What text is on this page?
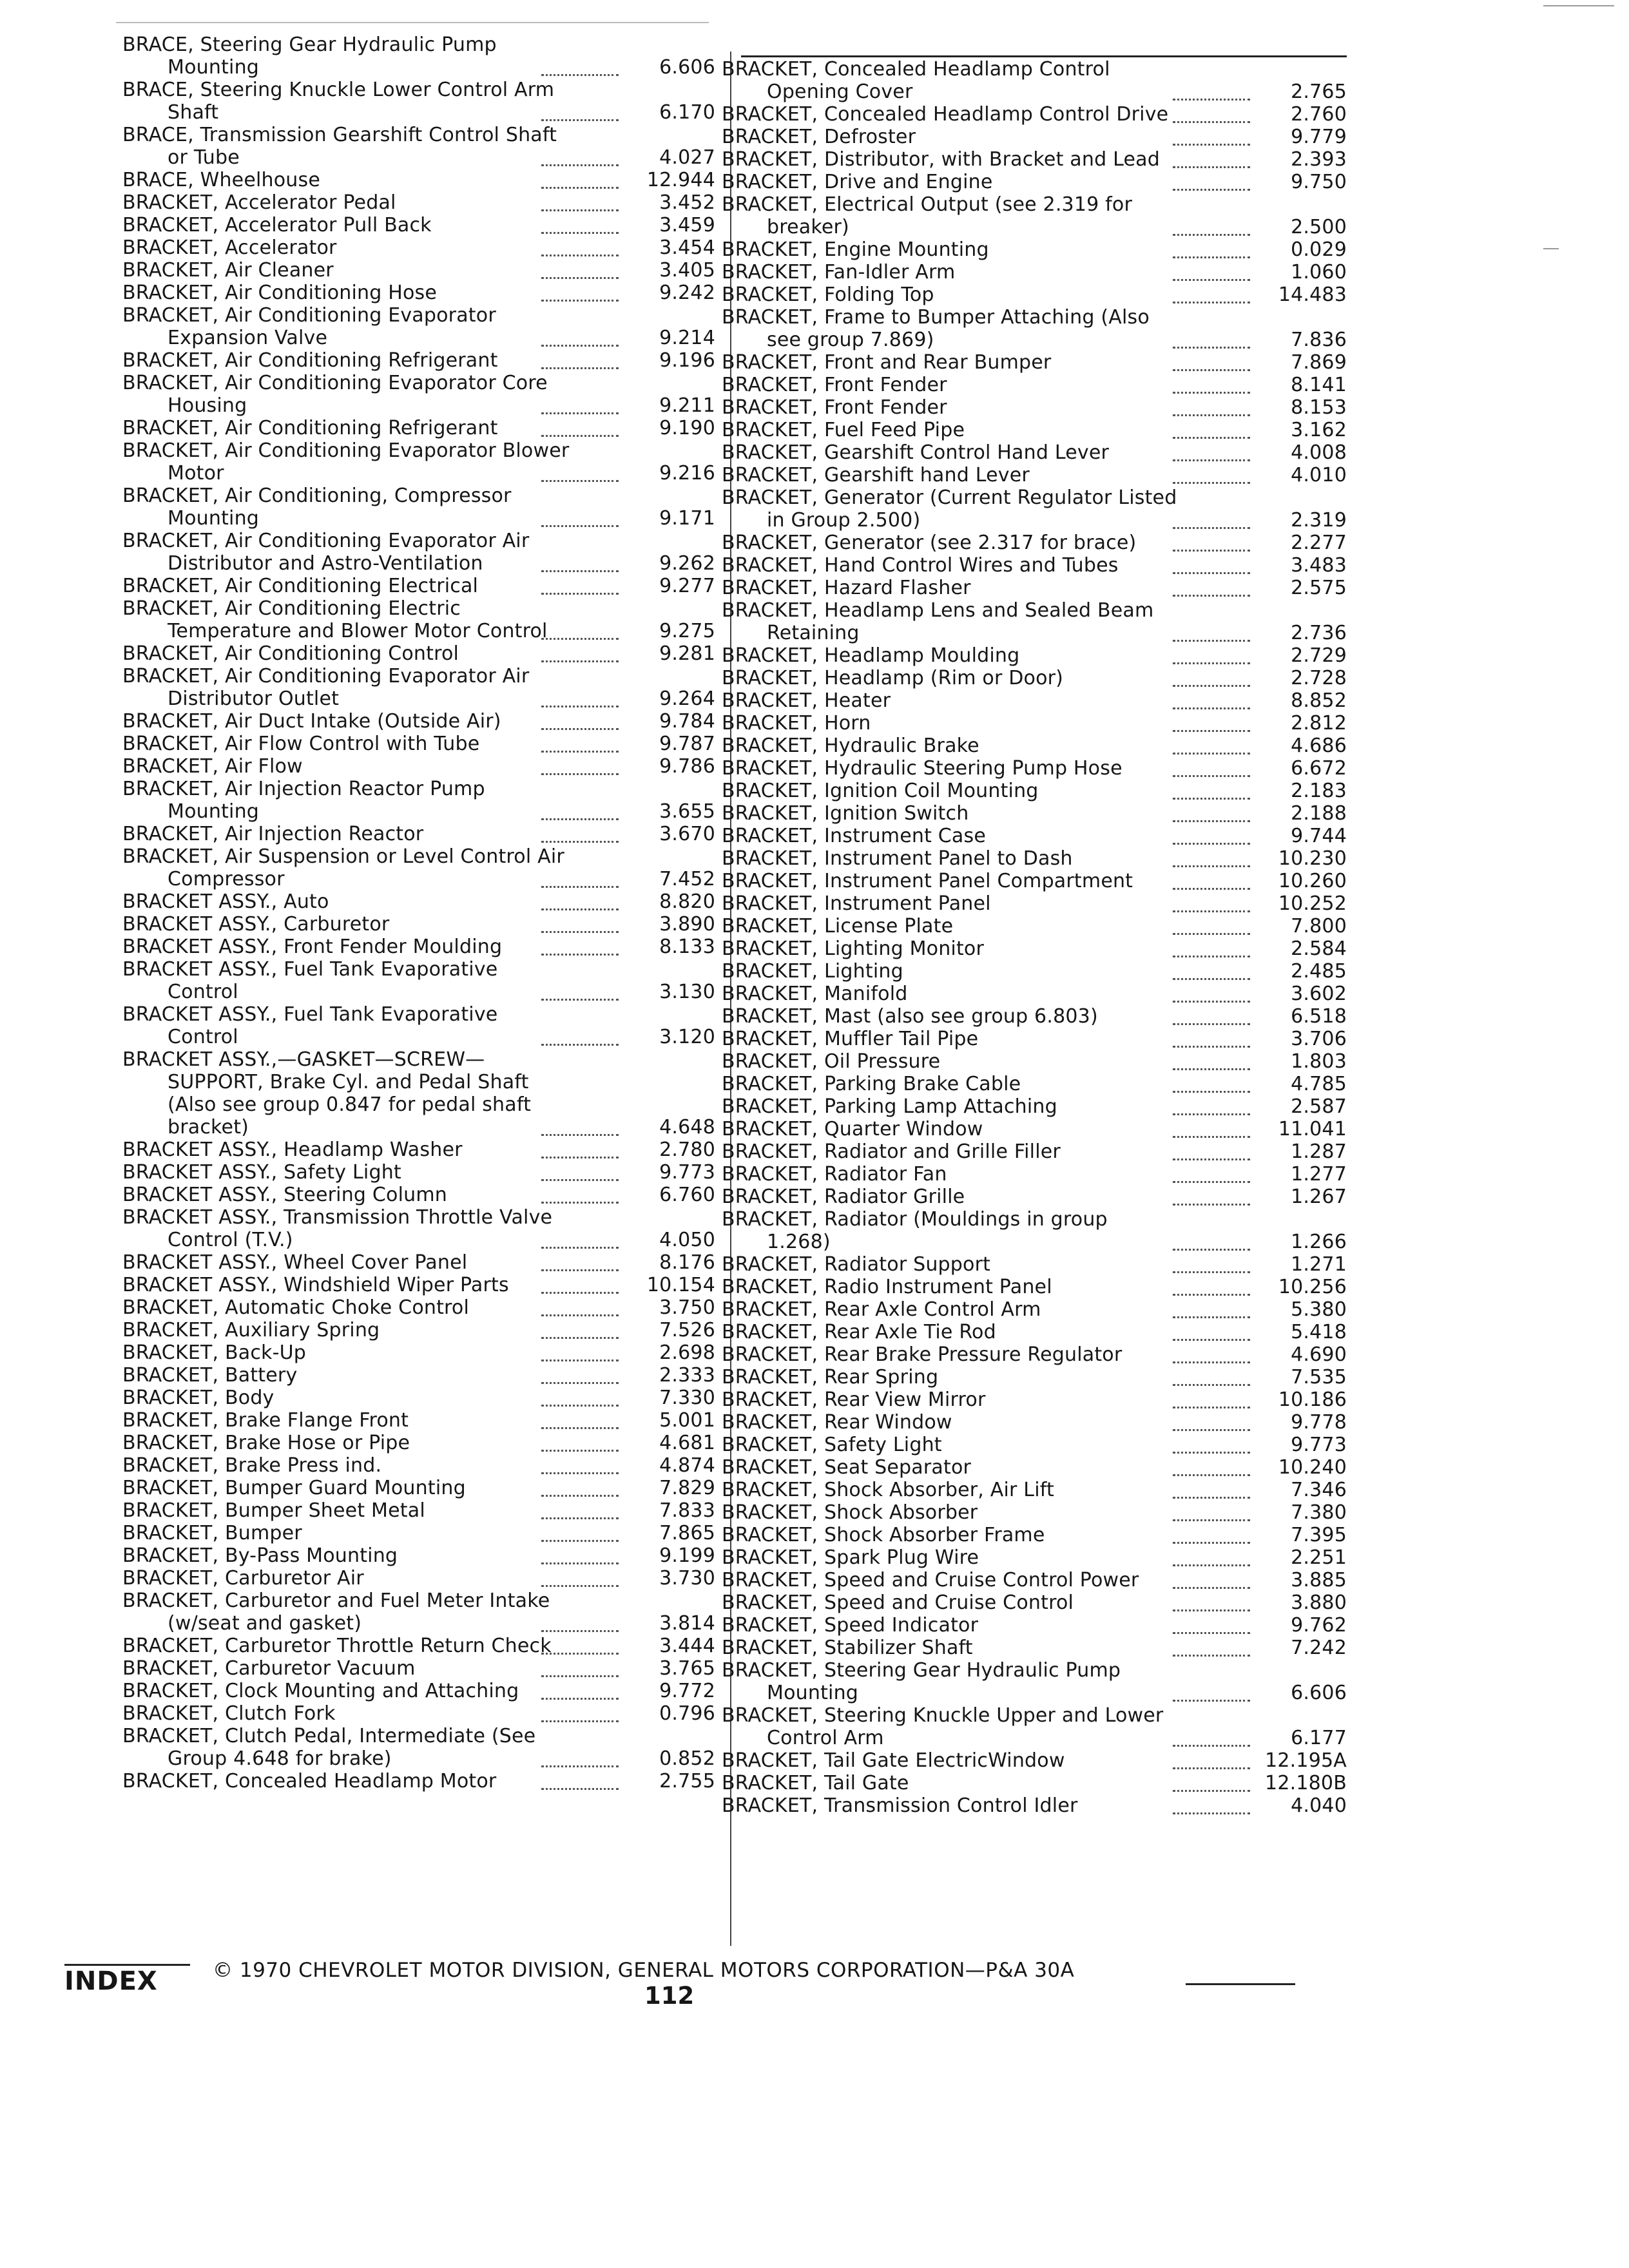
BRACE, Steering Gear Hydraulic Pump
Mounting	6.606
BRACE, Steering Knuckle Lower Control Arm
Shaft	6.170
BRACE, Transmission Gearshift Control Shaft
or Tube	4.027
BRACE, Wheelhouse	12.944
BRACKET, Accelerator Pedal	3.452
BRACKET, Accelerator Pull Back	3.459
BRACKET, Accelerator	3.454
BRACKET, Air Cleaner	3.405
BRACKET, Air Conditioning Hose	9.242
BRACKET, Air Conditioning Evaporator
Expansion Valve	9.214
BRACKET, Air Conditioning Refrigerant	9.196
BRACKET, Air Conditioning Evaporator Core
Housing	9.211
BRACKET, Air Conditioning Refrigerant	9.190
BRACKET, Air Conditioning Evaporator Blower
Motor	9.216
BRACKET, Air Conditioning, Compressor
Mounting	9.171
BRACKET, Air Conditioning Evaporator Air
Distributor and Astro-Ventilation	9.262
BRACKET, Air Conditioning Electrical	9.277
BRACKET, Air Conditioning Electric
Temperature and Blower Motor Control	9.275
BRACKET, Air Conditioning Control	9.281
BRACKET, Air Conditioning Evaporator Air
Distributor Outlet	9.264
BRACKET, Air Duct Intake (Outside Air)	9.784
BRACKET, Air Flow Control with Tube	9.787
BRACKET, Air Flow	9.786
BRACKET, Air Injection Reactor Pump
Mounting	3.655
BRACKET, Air Injection Reactor	3.670
BRACKET, Air Suspension or Level Control Air
Compressor	7.452
BRACKET ASSY., Auto	8.820
BRACKET ASSY., Carburetor	3.890
BRACKET ASSY., Front Fender Moulding	8.133
BRACKET ASSY., Fuel Tank Evaporative
Control	3.130
BRACKET ASSY., Fuel Tank Evaporative
Control	3.120
BRACKET ASSY.,—GASKET—SCREW—
SUPPORT, Brake Cyl. and Pedal Shaft
(Also see group 0.847 for pedal shaft
bracket)	4.648
BRACKET ASSY., Headlamp Washer	2.780
BRACKET ASSY., Safety Light	9.773
BRACKET ASSY., Steering Column	6.760
BRACKET ASSY., Transmission Throttle Valve
Control (T.V.)	4.050
BRACKET ASSY., Wheel Cover Panel	8.176
BRACKET ASSY., Windshield Wiper Parts	10.154
BRACKET, Automatic Choke Control	3.750
BRACKET, Auxiliary Spring	7.526
BRACKET, Back-Up	2.698
BRACKET, Battery	2.333
BRACKET, Body	7.330
BRACKET, Brake Flange Front	5.001
BRACKET, Brake Hose or Pipe	4.681
BRACKET, Brake Press ind.	4.874
BRACKET, Bumper Guard Mounting	7.829
BRACKET, Bumper Sheet Metal	7.833
BRACKET, Bumper	7.865
BRACKET, By-Pass Mounting	9.199
BRACKET, Carburetor Air	3.730
BRACKET, Carburetor and Fuel Meter Intake
(w/seat and gasket)	3.814
BRACKET, Carburetor Throttle Return Check	3.444
BRACKET, Carburetor Vacuum	3.765
BRACKET, Clock Mounting and Attaching	9.772
BRACKET, Clutch Fork	0.796
BRACKET, Clutch Pedal, Intermediate (See
Group 4.648 for brake)	0.852
BRACKET, Concealed Headlamp Motor	2.755
BRACKET, Concealed Headlamp Control
Opening Cover	2.765
BRACKET, Concealed Headlamp Control Drive	2.760
BRACKET, Defroster	9.779
BRACKET, Distributor, with Bracket and Lead	2.393
BRACKET, Drive and Engine	9.750
BRACKET, Electrical Output (see 2.319 for
breaker)	2.500
BRACKET, Engine Mounting	0.029
BRACKET, Fan-Idler Arm	1.060
BRACKET, Folding Top	14.483
BRACKET, Frame to Bumper Attaching (Also
see group 7.869)	7.836
BRACKET, Front and Rear Bumper	7.869
BRACKET, Front Fender	8.141
BRACKET, Front Fender	8.153
BRACKET, Fuel Feed Pipe	3.162
BRACKET, Gearshift Control Hand Lever	4.008
BRACKET, Gearshift hand Lever	4.010
BRACKET, Generator (Current Regulator Listed
in Group 2.500)	2.319
BRACKET, Generator (see 2.317 for brace)	2.277
BRACKET, Hand Control Wires and Tubes	3.483
BRACKET, Hazard Flasher	2.575
BRACKET, Headlamp Lens and Sealed Beam
Retaining	2.736
BRACKET, Headlamp Moulding	2.729
BRACKET, Headlamp (Rim or Door)	2.728
BRACKET, Heater	8.852
BRACKET, Horn	2.812
BRACKET, Hydraulic Brake	4.686
BRACKET, Hydraulic Steering Pump Hose	6.672
BRACKET, Ignition Coil Mounting	2.183
BRACKET, Ignition Switch	2.188
BRACKET, Instrument Case	9.744
BRACKET, Instrument Panel to Dash	10.230
BRACKET, Instrument Panel Compartment	10.260
BRACKET, Instrument Panel	10.252
BRACKET, License Plate	7.800
BRACKET, Lighting Monitor	2.584
BRACKET, Lighting	2.485
BRACKET, Manifold	3.602
BRACKET, Mast (also see group 6.803)	6.518
BRACKET, Muffler Tail Pipe	3.706
BRACKET, Oil Pressure	1.803
BRACKET, Parking Brake Cable	4.785
BRACKET, Parking Lamp Attaching	2.587
BRACKET, Quarter Window	11.041
BRACKET, Radiator and Grille Filler	1.287
BRACKET, Radiator Fan	1.277
BRACKET, Radiator Grille	1.267
BRACKET, Radiator (Mouldings in group
1.268)	1.266
BRACKET, Radiator Support	1.271
BRACKET, Radio Instrument Panel	10.256
BRACKET, Rear Axle Control Arm	5.380
BRACKET, Rear Axle Tie Rod	5.418
BRACKET, Rear Brake Pressure Regulator	4.690
BRACKET, Rear Spring	7.535
BRACKET, Rear View Mirror	10.186
BRACKET, Rear Window	9.778
BRACKET, Safety Light	9.773
BRACKET, Seat Separator	10.240
BRACKET, Shock Absorber, Air Lift	7.346
BRACKET, Shock Absorber	7.380
BRACKET, Shock Absorber Frame	7.395
BRACKET, Spark Plug Wire	2.251
BRACKET, Speed and Cruise Control Power	3.885
BRACKET, Speed and Cruise Control	3.880
BRACKET, Speed Indicator	9.762
BRACKET, Stabilizer Shaft	7.242
BRACKET, Steering Gear Hydraulic Pump
Mounting	6.606
BRACKET, Steering Knuckle Upper and Lower
Control Arm	6.177
BRACKET, Tail Gate ElectricWindow	12.195A
BRACKET, Tail Gate	12.180B
BRACKET, Transmission Control Idler	4.040
INDEX	© 1970 CHEVROLET MOTOR DIVISION, GENERAL MOTORS CORPORATION—P&A 30A
112
